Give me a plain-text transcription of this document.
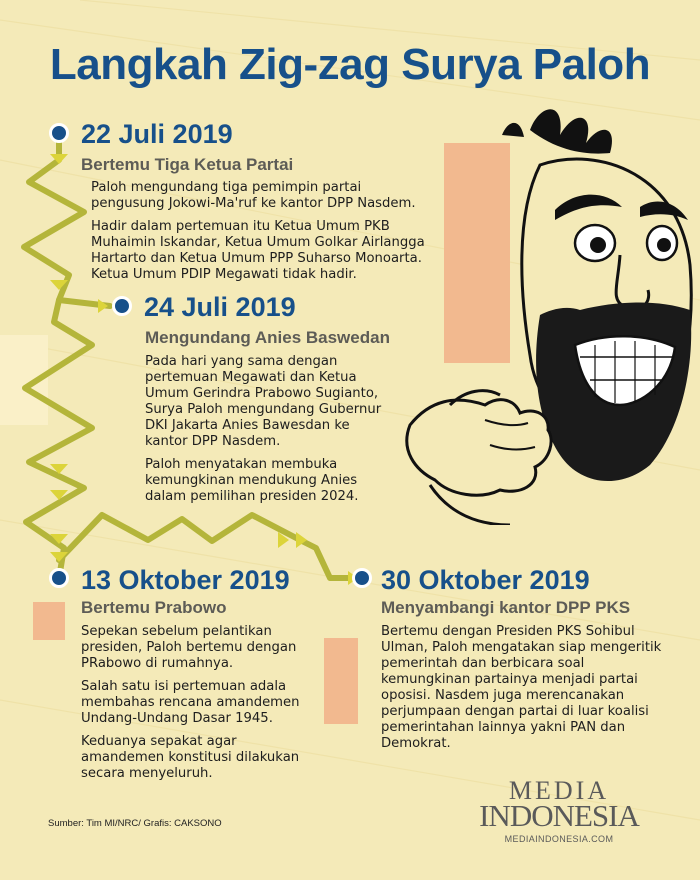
Langkah Zig-zag Surya Paloh
22 Juli 2019
Bertemu Tiga Ketua Partai

Paloh mengundang tiga pemimpin partai pengusung Jokowi-Ma'ruf ke kantor DPP Nasdem.

Hadir dalam pertemuan itu Ketua Umum PKB Muhaimin Iskandar, Ketua Umum Golkar Airlangga Hartarto dan Ketua Umum PPP Suharso Monoarta. Ketua Umum PDIP Megawati tidak hadir.

24 Juli 2019
Mengundang Anies Baswedan

Pada hari yang sama dengan pertemuan Megawati dan Ketua Umum Gerindra Prabowo Sugianto, Surya Paloh mengundang Gubernur DKI Jakarta Anies Bawesdan ke kantor DPP Nasdem.

Paloh menyatakan membuka kemungkinan mendukung Anies dalam pemilihan presiden 2024.

13 Oktober 2019
Bertemu Prabowo

Sepekan sebelum pelantikan presiden, Paloh bertemu dengan PRabowo di rumahnya.

Salah satu isi pertemuan adala membahas rencana amandemen Undang-Undang Dasar 1945.

Keduanya sepakat agar amandemen konstitusi dilakukan secara menyeluruh.

30 Oktober 2019
Menyambangi kantor DPP PKS

Bertemu dengan Presiden PKS Sohibul Ulman, Paloh mengatakan siap mengeritik pemerintah dan berbicara soal kemungkinan partainya menjadi partai oposisi. Nasdem juga merencanakan perjumpaan dengan partai di luar koalisi pemerintahan lainnya yakni PAN dan Demokrat.

Sumber: Tim MI/NRC/ Grafis: CAKSONO
MEDIA
INDONESIA
MEDIAINDONESIA.COM
